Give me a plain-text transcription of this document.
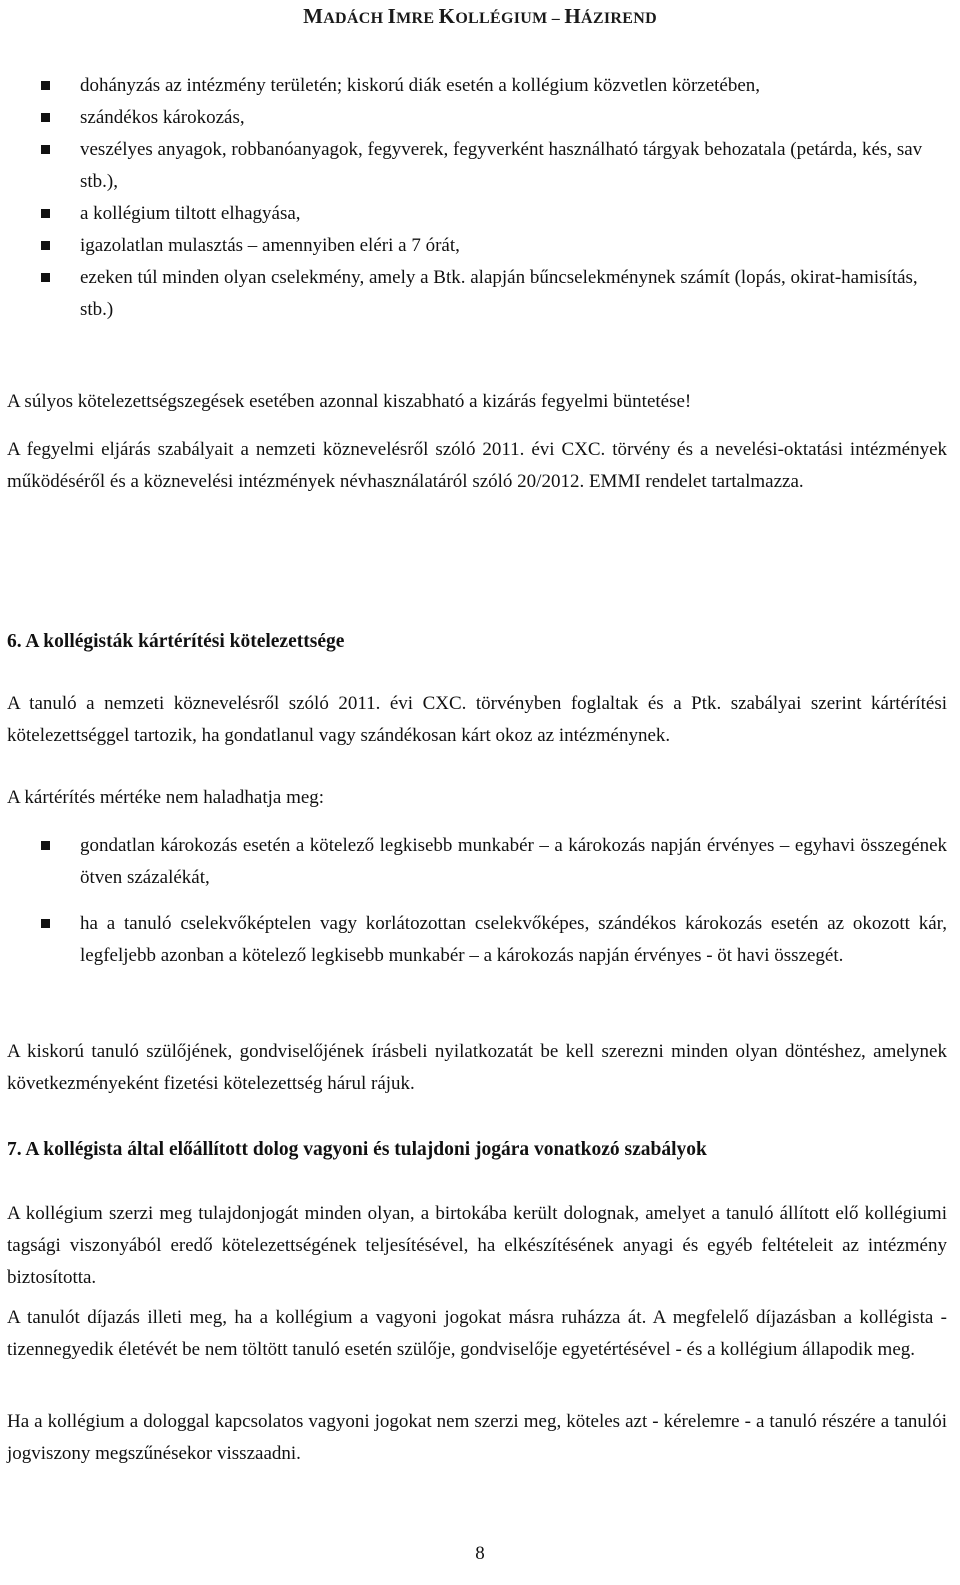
MADÁCH IMRE KOLLÉGIUM – HÁZIREND
dohányzás az intézmény területén; kiskorú diák esetén a kollégium közvetlen körzetében,
szándékos károkozás,
veszélyes anyagok, robbanóanyagok, fegyverek, fegyverként használható tárgyak behozatala (petárda, kés, sav stb.),
a kollégium tiltott elhagyása,
igazolatlan mulasztás – amennyiben eléri a 7 órát,
ezeken túl minden olyan cselekmény, amely a Btk. alapján bűncselekménynek számít (lopás, okirat-hamisítás, stb.)
A súlyos kötelezettségszegések esetében azonnal kiszabható a kizárás fegyelmi büntetése!
A fegyelmi eljárás szabályait a nemzeti köznevelésről szóló 2011. évi CXC. törvény és a nevelési-oktatási intézmények működéséről és a köznevelési intézmények névhasználatáról szóló 20/2012. EMMI rendelet tartalmazza.
6. A kollégisták kártérítési kötelezettsége
A tanuló a nemzeti köznevelésről szóló 2011. évi CXC. törvényben foglaltak és a Ptk. szabályai szerint kártérítési kötelezettséggel tartozik, ha gondatlanul vagy szándékosan kárt okoz az intézménynek.
A kártérítés mértéke nem haladhatja meg:
gondatlan károkozás esetén a kötelező legkisebb munkabér – a károkozás napján érvényes – egyhavi összegének ötven százalékát,
ha a tanuló cselekvőképtelen vagy korlátozottan cselekvőképes, szándékos károkozás esetén az okozott kár, legfeljebb azonban a kötelező legkisebb munkabér – a károkozás napján érvényes - öt havi összegét.
A kiskorú tanuló szülőjének, gondviselőjének írásbeli nyilatkozatát be kell szerezni minden olyan döntéshez, amelynek következményeként fizetési kötelezettség hárul rájuk.
7. A kollégista által előállított dolog vagyoni és tulajdoni jogára vonatkozó szabályok
A kollégium szerzi meg tulajdonjogát minden olyan, a birtokába került dolognak, amelyet a tanuló állított elő kollégiumi tagsági viszonyából eredő kötelezettségének teljesítésével, ha elkészítésének anyagi és egyéb feltételeit az intézmény biztosította.
A tanulót díjazás illeti meg, ha a kollégium a vagyoni jogokat másra ruházza át. A megfelelő díjazásban a kollégista - tizennegyedik életévét be nem töltött tanuló esetén szülője, gondviselője egyetértésével - és a kollégium állapodik meg.
Ha a kollégium a dologgal kapcsolatos vagyoni jogokat nem szerzi meg, köteles azt - kérelemre - a tanuló részére a tanulói jogviszony megszűnésekor visszaadni.
8
